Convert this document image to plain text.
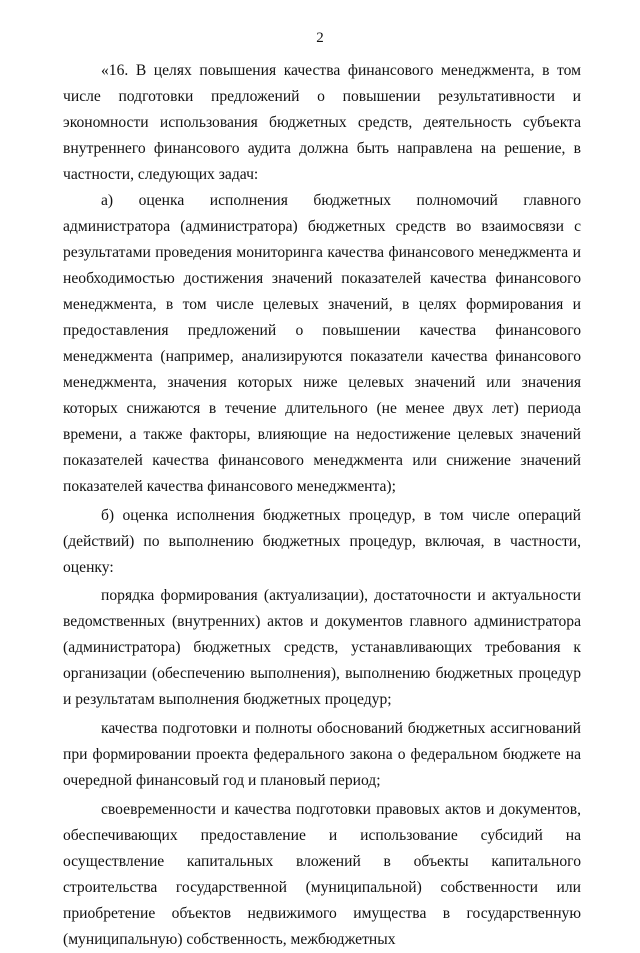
2

«16. В целях повышения качества финансового менеджмента, в том числе подготовки предложений о повышении результативности и экономности использования бюджетных средств, деятельность субъекта внутреннего финансового аудита должна быть направлена на решение, в частности, следующих задач:

а) оценка исполнения бюджетных полномочий главного администратора (администратора) бюджетных средств во взаимосвязи с результатами проведения мониторинга качества финансового менеджмента и необходимостью достижения значений показателей качества финансового менеджмента, в том числе целевых значений, в целях формирования и предоставления предложений о повышении качества финансового менеджмента (например, анализируются показатели качества финансового менеджмента, значения которых ниже целевых значений или значения которых снижаются в течение длительного (не менее двух лет) периода времени, а также факторы, влияющие на недостижение целевых значений показателей качества финансового менеджмента или снижение значений показателей качества финансового менеджмента);

б) оценка исполнения бюджетных процедур, в том числе операций (действий) по выполнению бюджетных процедур, включая, в частности, оценку:

порядка формирования (актуализации), достаточности и актуальности ведомственных (внутренних) актов и документов главного администратора (администратора) бюджетных средств, устанавливающих требования к организации (обеспечению выполнения), выполнению бюджетных процедур и результатам выполнения бюджетных процедур;

качества подготовки и полноты обоснований бюджетных ассигнований при формировании проекта федерального закона о федеральном бюджете на очередной финансовый год и плановый период;

своевременности и качества подготовки правовых актов и документов, обеспечивающих предоставление и использование субсидий на осуществление капитальных вложений в объекты капитального строительства государственной (муниципальной) собственности или приобретение объектов недвижимого имущества в государственную (муниципальную) собственность, межбюджетных
